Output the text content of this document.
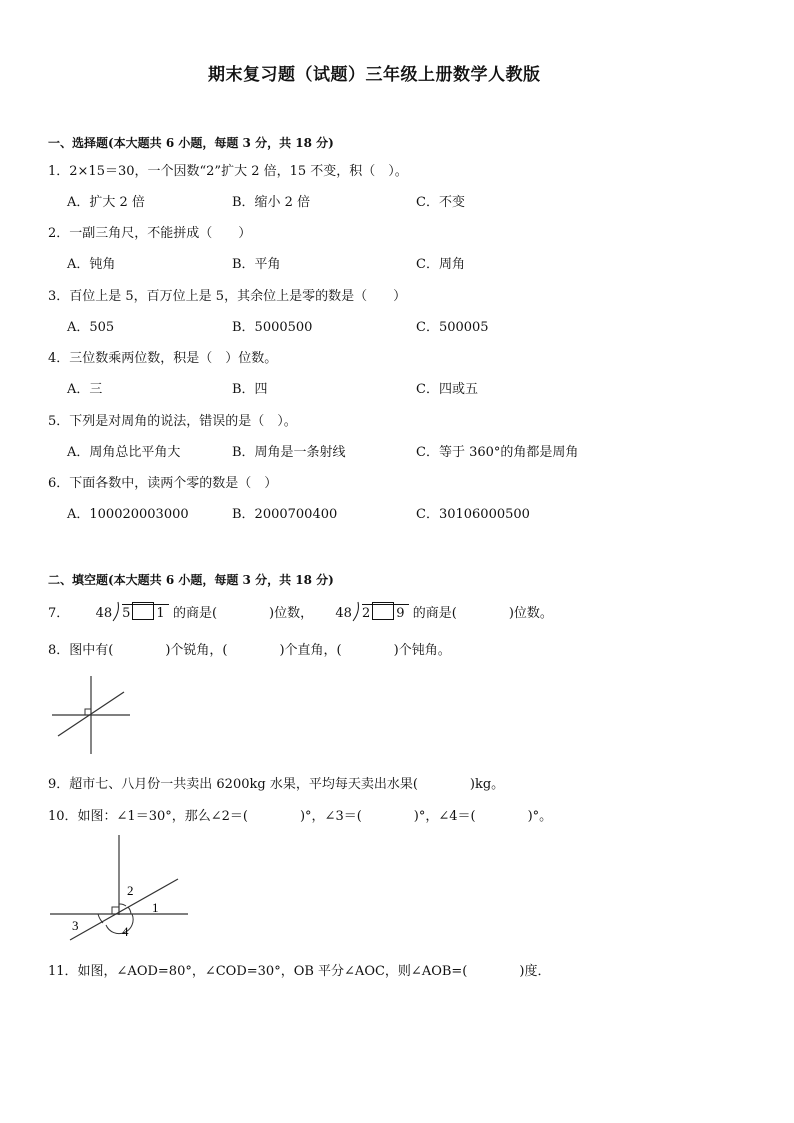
期末复习题（试题）三年级上册数学人教版
一、选择题(本大题共 6 小题，每题 3 分，共 18 分)
1．2×15＝30，一个因数“2”扩大 2 倍，15 不变，积（　）。
A．扩大 2 倍	B．缩小 2 倍	C．不变
2．一副三角尺，不能拼成（　　）
A．钝角	B．平角	C．周角
3．百位上是 5，百万位上是 5，其余位上是零的数是（　　）
A．505	B．5000500	C．500005
4．三位数乘两位数，积是（　）位数。
A．三	B．四	C．四或五
5．下列是对周角的说法，错误的是（　）。
A．周角总比平角大	B．周角是一条射线	C．等于 360°的角都是周角
6．下面各数中，读两个零的数是（　）
A．100020003000	B．2000700400	C．30106000500
二、填空题(本大题共 6 小题，每题 3 分，共 18 分)
7． 48 5 1 的商是(　　　　)位数， 48 2 9 的商是(　　　　)位数。
8．图中有(　　　　)个锐角，(　　　　)个直角，(　　　　)个钝角。
9．超市七、八月份一共卖出 6200kg 水果，平均每天卖出水果(　　　　)kg。
10．如图：∠1＝30°，那么∠2＝(　　　　)°，∠3＝(　　　　)°，∠4＝(　　　　)°。
1
2
3	4
11．如图，∠AOD=80°，∠COD=30°，OB 平分∠AOC，则∠AOB=(　　　　)度．
